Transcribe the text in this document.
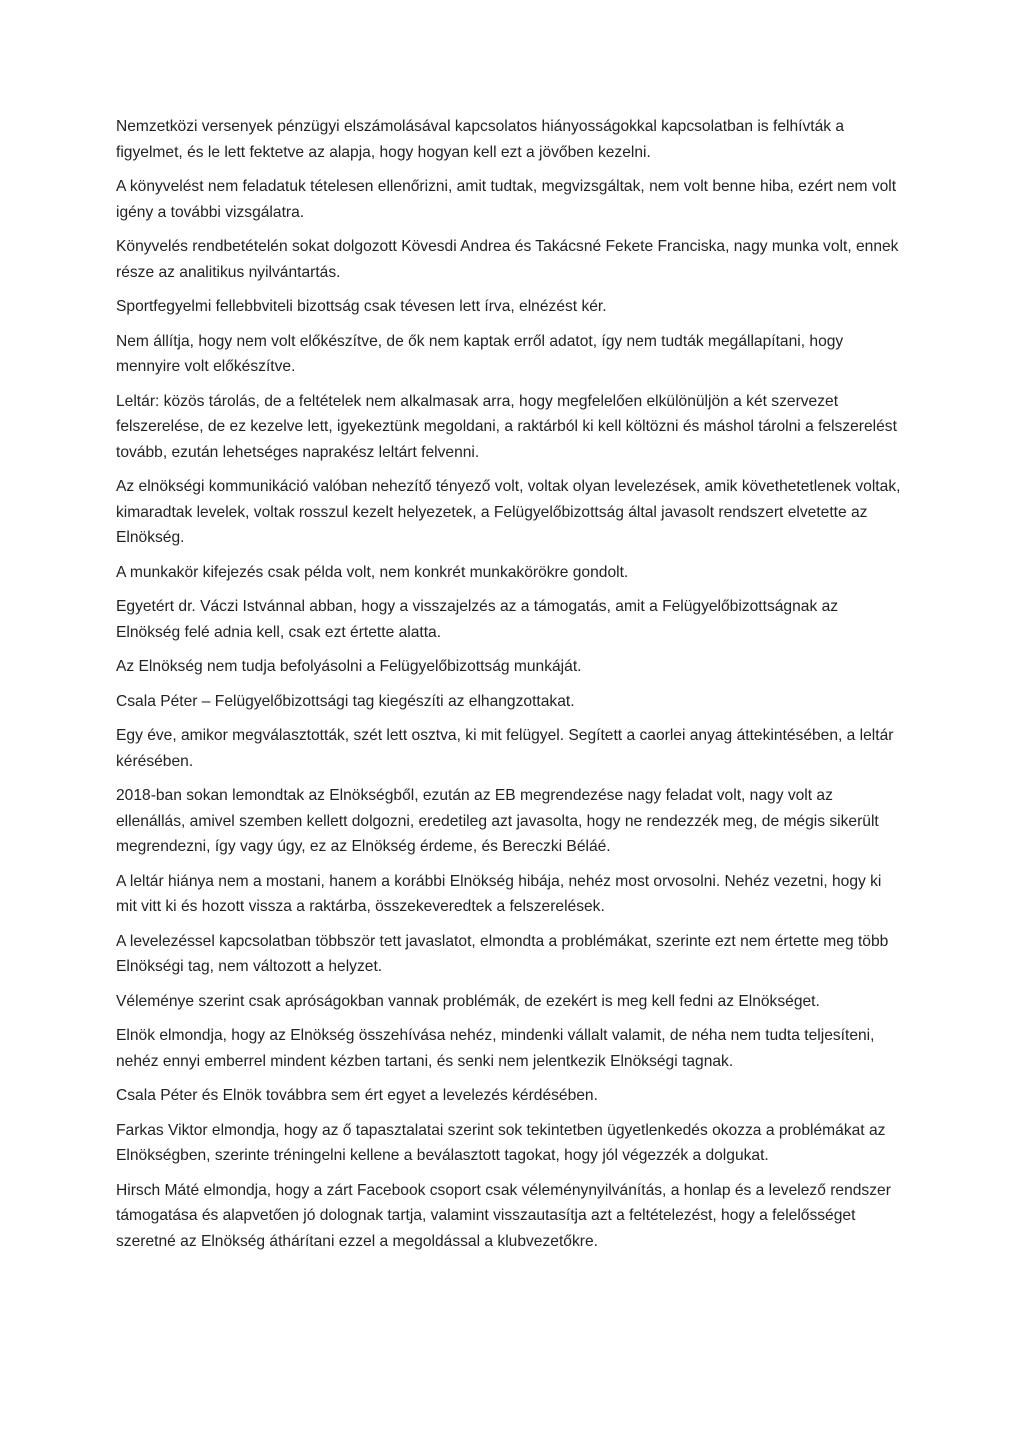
Nemzetközi versenyek pénzügyi elszámolásával kapcsolatos hiányosságokkal kapcsolatban is felhívták a figyelmet, és le lett fektetve az alapja, hogy hogyan kell ezt a jövőben kezelni.

A könyvelést nem feladatuk tételesen ellenőrizni, amit tudtak, megvizsgáltak, nem volt benne hiba, ezért nem volt igény a további vizsgálatra.

Könyvelés rendbetételén sokat dolgozott Kövesdi Andrea és Takácsné Fekete Franciska, nagy munka volt, ennek része az analitikus nyilvántartás.

Sportfegyelmi fellebbviteli bizottság csak tévesen lett írva, elnézést kér.

Nem állítja, hogy nem volt előkészítve, de ők nem kaptak erről adatot, így nem tudták megállapítani, hogy mennyire volt előkészítve.

Leltár: közös tárolás, de a feltételek nem alkalmasak arra, hogy megfelelően elkülönüljön a két szervezet felszerelése, de ez kezelve lett, igyekeztünk megoldani, a raktárból ki kell költözni és máshol tárolni a felszerelést tovább, ezután lehetséges naprakész leltárt felvenni.

Az elnökségi kommunikáció valóban nehezítő tényező volt, voltak olyan levelezések, amik követhetetlenek voltak, kimaradtak levelek, voltak rosszul kezelt helyezetek, a Felügyelőbizottság által javasolt rendszert elvetette az Elnökség.

A munkakör kifejezés csak példa volt, nem konkrét munkakörökre gondolt.

Egyetért dr. Váczi Istvánnal abban, hogy a visszajelzés az a támogatás, amit a Felügyelőbizottságnak az Elnökség felé adnia kell, csak ezt értette alatta.

Az Elnökség nem tudja befolyásolni a Felügyelőbizottság munkáját.

Csala Péter – Felügyelőbizottsági tag kiegészíti az elhangzottakat.

Egy éve, amikor megválasztották, szét lett osztva, ki mit felügyel. Segített a caorlei anyag áttekintésében, a leltár kérésében.

2018-ban sokan lemondtak az Elnökségből, ezután az EB megrendezése nagy feladat volt, nagy volt az ellenállás, amivel szemben kellett dolgozni, eredetileg azt javasolta, hogy ne rendezzék meg, de mégis sikerült megrendezni, így vagy úgy, ez az Elnökség érdeme, és Bereczki Béláé.

A leltár hiánya nem a mostani, hanem a korábbi Elnökség hibája, nehéz most orvosolni. Nehéz vezetni, hogy ki mit vitt ki és hozott vissza a raktárba, összekeveredtek a felszerelések.

A levelezéssel kapcsolatban többször tett javaslatot, elmondta a problémákat, szerinte ezt nem értette meg több Elnökségi tag, nem változott a helyzet.

Véleménye szerint csak apróságokban vannak problémák, de ezekért is meg kell fedni az Elnökséget.

Elnök elmondja, hogy az Elnökség összehívása nehéz, mindenki vállalt valamit, de néha nem tudta teljesíteni, nehéz ennyi emberrel mindent kézben tartani, és senki nem jelentkezik Elnökségi tagnak.

Csala Péter és Elnök továbbra sem ért egyet a levelezés kérdésében.

Farkas Viktor elmondja, hogy az ő tapasztalatai szerint sok tekintetben ügyetlenkedés okozza a problémákat az Elnökségben, szerinte tréningelni kellene a beválasztott tagokat, hogy jól végezzék a dolgukat.

Hirsch Máté elmondja, hogy a zárt Facebook csoport csak véleménynyilvánítás, a honlap és a levelező rendszer támogatása és alapvetően jó dolognak tartja, valamint visszautasítja azt a feltételezést, hogy a felelősséget szeretné az Elnökség áthárítani ezzel a megoldással a klubvezetőkre.
